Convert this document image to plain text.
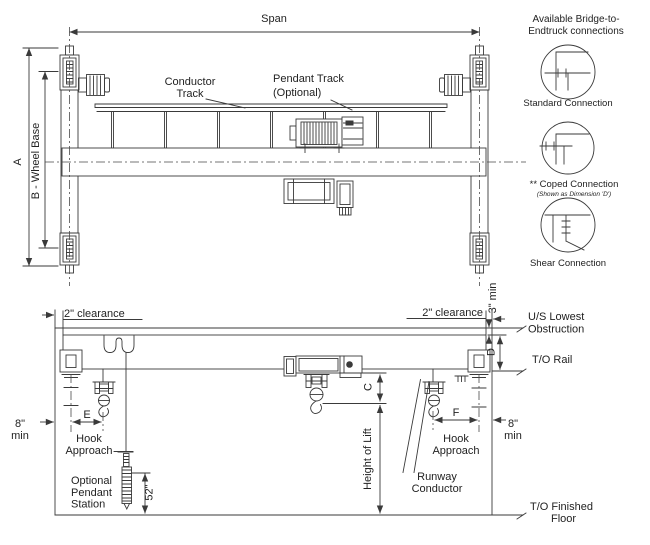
Span
A B - Wheel Base
Conductor
Track
Pendant Track
(Optional)
Available Bridge-to-
Endtruck connections
Standard Connection
** Coped Connection
(Shown as Dimension 'D')
Shear Connection
2" clearance	2" clearance 3" min
U/S Lowest
Obstruction
D
T/O Rail
C
Height of Lift
8"
min
8"
min
E	F
Hook
Approach
Hook
Approach
Runway
Conductor
Optional
Pendant
Station
52"
T/O Finished
Floor
